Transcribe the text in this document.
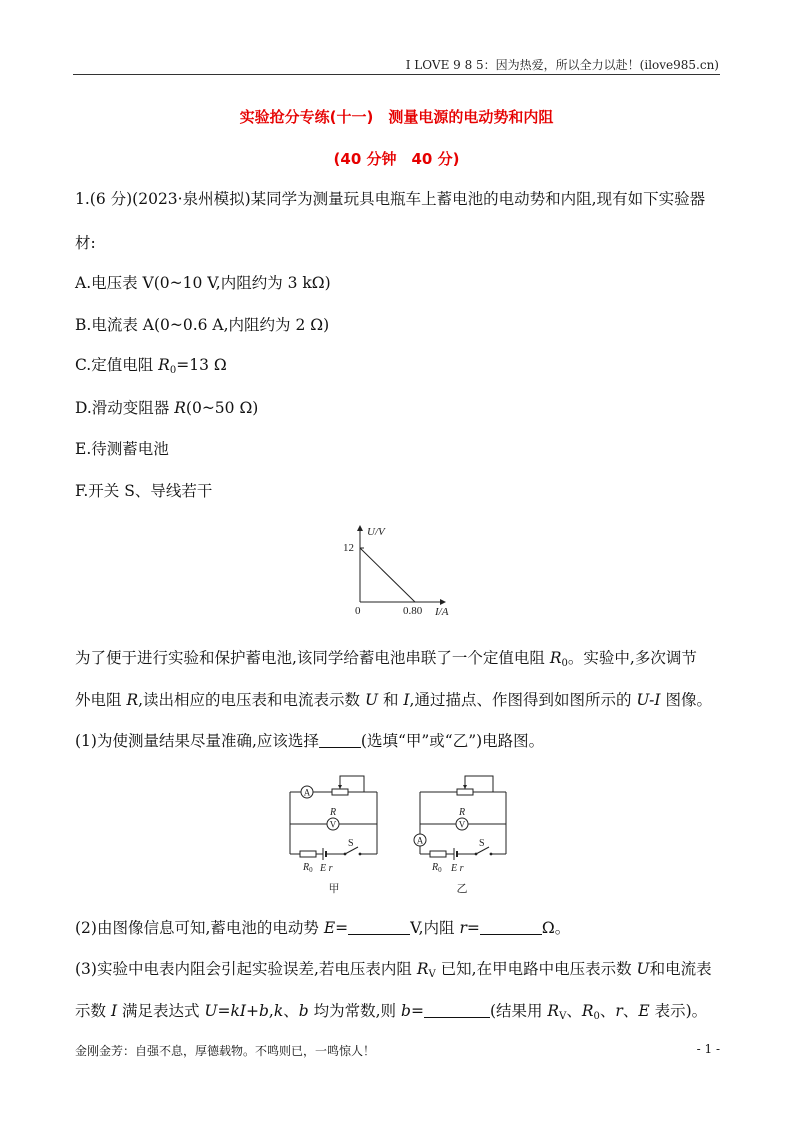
I LOVE 9 8 5：因为热爱，所以全力以赴！(ilove985.cn)
实验抢分专练(十一)　测量电源的电动势和内阻
(40 分钟　40 分)
1.(6 分)(2023·泉州模拟)某同学为测量玩具电瓶车上蓄电池的电动势和内阻,现有如下实验器
材:
A.电压表 V(0~10 V,内阻约为 3 kΩ)
B.电流表 A(0~0.6 A,内阻约为 2 Ω)
C.定值电阻 $R_0=13$ Ω
D.滑动变阻器 R(0~50 Ω)
E.待测蓄电池
F.开关 S、导线若干
U/V
I/A
0
12
0.80
为了便于进行实验和保护蓄电池,该同学给蓄电池串联了一个定值电阻 $R_0$。实验中,多次调节
外电阻 R,读出相应的电压表和电流表示数 U 和 I,通过描点、作图得到如图所示的 U-I 图像。
(1)为使测量结果尽量准确,应该选择	(选填“甲”或“乙”)电路图。
A
V
R
$R_0$ E r
S
甲
A
V
R
$R_0$ E r
S
乙
(2)由图像信息可知,蓄电池的电动势 E=	V,内阻 r=	Ω。
(3)实验中电表内阻会引起实验误差,若电压表内阻 $R_V$ 已知,在甲电路中电压表示数 U和电流表
示数 I 满足表达式 U=kI+b,k、b 均为常数,则 b=	(结果用 $R_V$、$R_0$、r、E 表示)。
金刚金芳：自强不息，厚德载物。不鸣则已，一鸣惊人！	- 1 -
